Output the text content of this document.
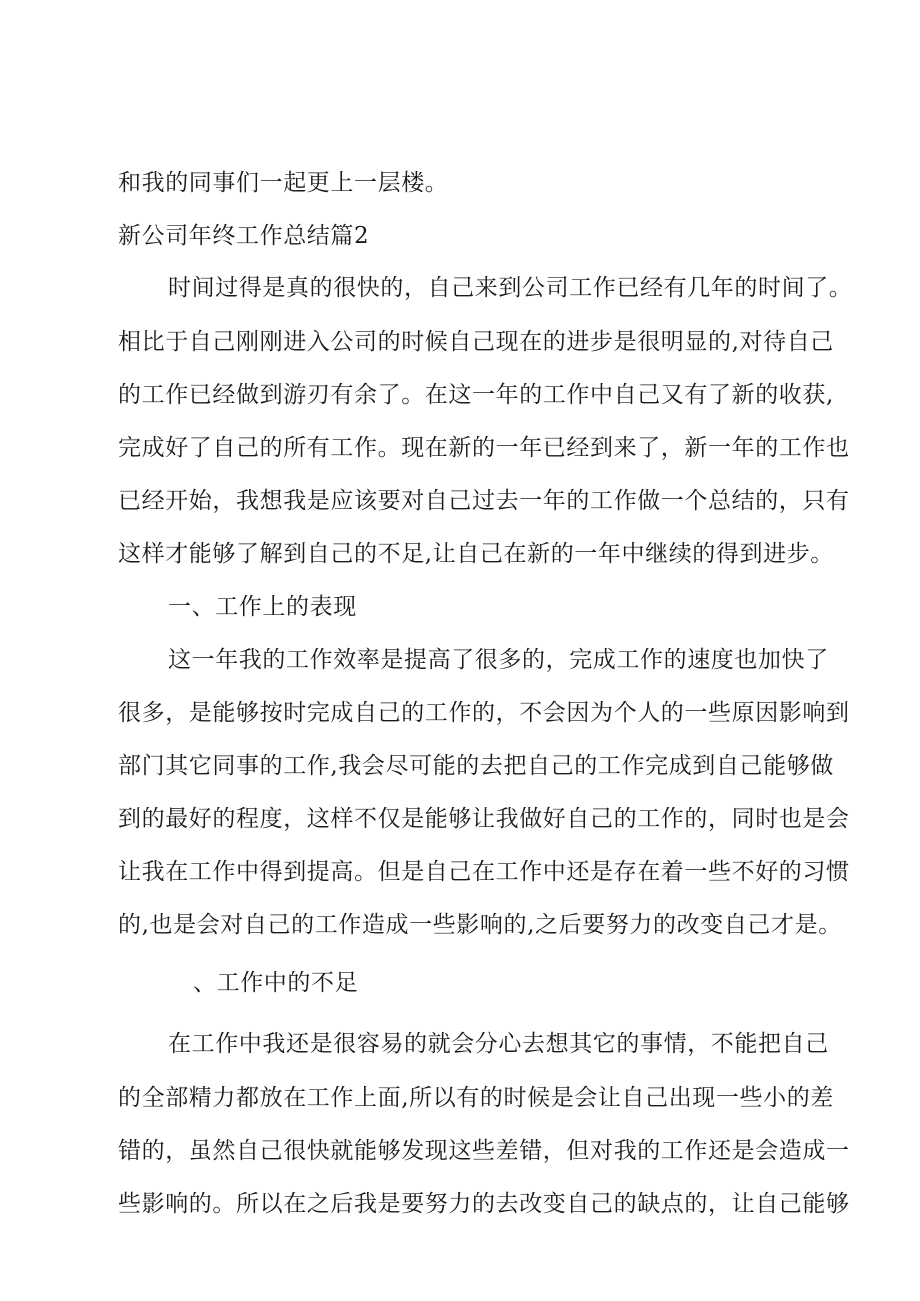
和我的同事们一起更上一层楼。
新公司年终工作总结篇2
时间过得是真的很快的，自己来到公司工作已经有几年的时间了。
相比于自己刚刚进入公司的时候自己现在的进步是很明显的,对待自己
的工作已经做到游刃有余了。在这一年的工作中自己又有了新的收获,
完成好了自己的所有工作。现在新的一年已经到来了，新一年的工作也
已经开始，我想我是应该要对自己过去一年的工作做一个总结的，只有
这样才能够了解到自己的不足,让自己在新的一年中继续的得到进步。
一、工作上的表现
这一年我的工作效率是提高了很多的，完成工作的速度也加快了
很多，是能够按时完成自己的工作的，不会因为个人的一些原因影响到
部门其它同事的工作,我会尽可能的去把自己的工作完成到自己能够做
到的最好的程度，这样不仅是能够让我做好自己的工作的，同时也是会
让我在工作中得到提高。但是自己在工作中还是存在着一些不好的习惯
的,也是会对自己的工作造成一些影响的,之后要努力的改变自己才是。
、工作中的不足
在工作中我还是很容易的就会分心去想其它的事情，不能把自己
的全部精力都放在工作上面,所以有的时候是会让自己出现一些小的差
错的，虽然自己很快就能够发现这些差错，但对我的工作还是会造成一
些影响的。所以在之后我是要努力的去改变自己的缺点的，让自己能够
